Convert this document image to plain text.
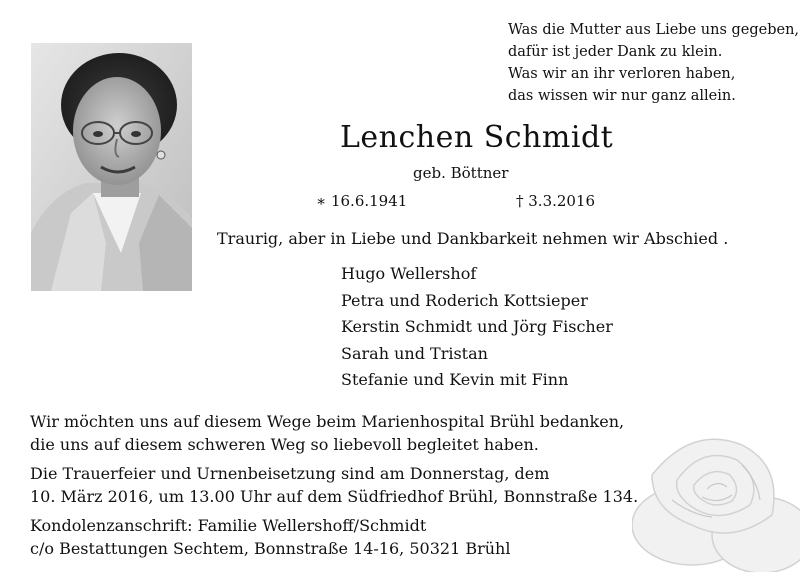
Was die Mutter aus Liebe uns gegeben,
dafür ist jeder Dank zu klein.
Was wir an ihr verloren haben,
das wissen wir nur ganz allein.
Lenchen Schmidt
geb. Böttner
∗ 16.6.1941	† 3.3.2016
Traurig, aber in Liebe und Dankbarkeit nehmen wir Abschied .
Hugo Wellershof
Petra und Roderich Kottsieper
Kerstin Schmidt und Jörg Fischer
Sarah und Tristan
Stefanie und Kevin mit Finn
Wir möchten uns auf diesem Wege beim Marienhospital Brühl bedanken,
die uns auf diesem schweren Weg so liebevoll begleitet haben.
Die Trauerfeier und Urnenbeisetzung sind am Donnerstag, dem
10. März 2016, um 13.00 Uhr auf dem Südfriedhof Brühl, Bonnstraße 134.
Kondolenzanschrift: Familie Wellershoff/Schmidt
c/o Bestattungen Sechtem, Bonnstraße 14-16, 50321 Brühl
